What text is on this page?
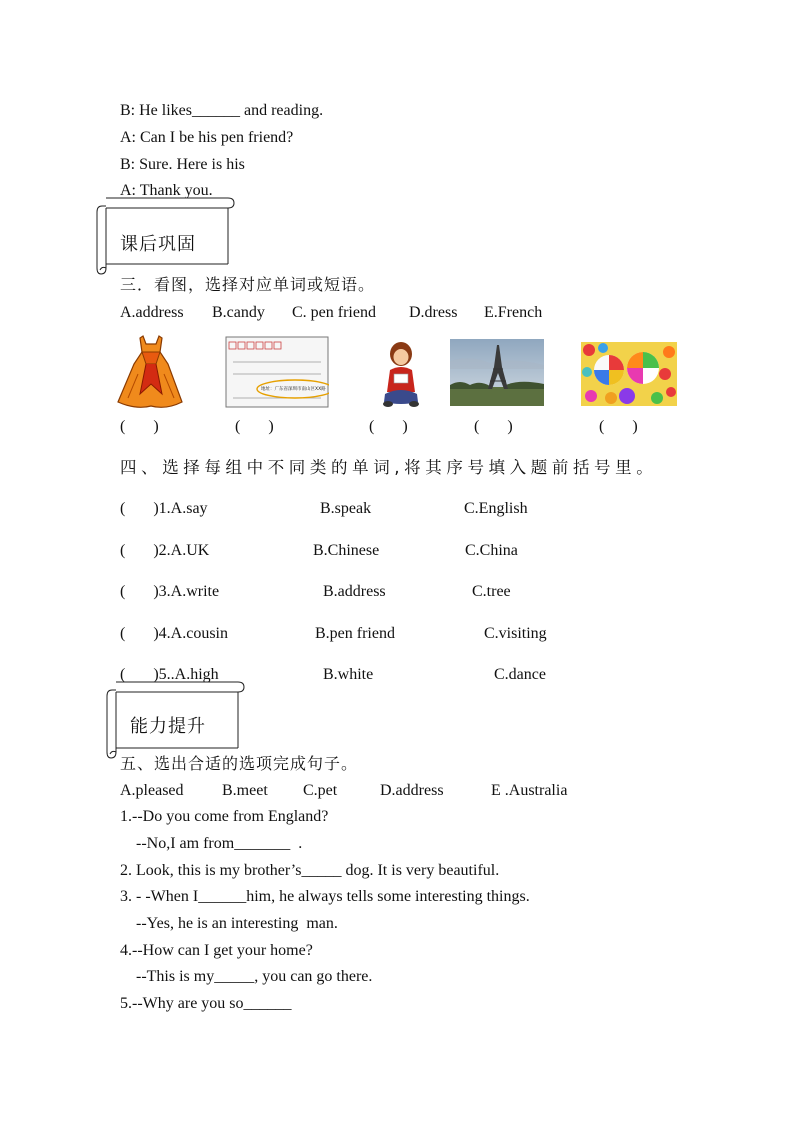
B: He likes______ and reading.
A: Can I be his pen friend?
B: Sure. Here is his
A: Thank you.
课后巩固
三．看图，选择对应单词或短语。
A.address B.candy C. pen friend D.dress E.French
地址：广东省深圳市南山区XX路
(       )	(       )	(       )	(       )	(       )
四、选择每组中不同类的单词,将其序号填入题前括号里。
(       )1.A.say	B.speak	C.English
(       )2.A.UK	B.Chinese	C.China
(       )3.A.write	B.address	C.tree
(       )4.A.cousin	B.pen friend	C.visiting
(       )5..A.high	B.white	C.dance
能力提升
五、选出合适的选项完成句子。
A.pleased B.meet C.pet	D.address	E .Australia
1.--Do you come from England?
--No,I am from_______  .
2. Look, this is my brother’s_____ dog. It is very beautiful.
3. - -When I______him, he always tells some interesting things.
--Yes, he is an interesting  man.
4.--How can I get your home?
--This is my_____, you can go there.
5.--Why are you so______
